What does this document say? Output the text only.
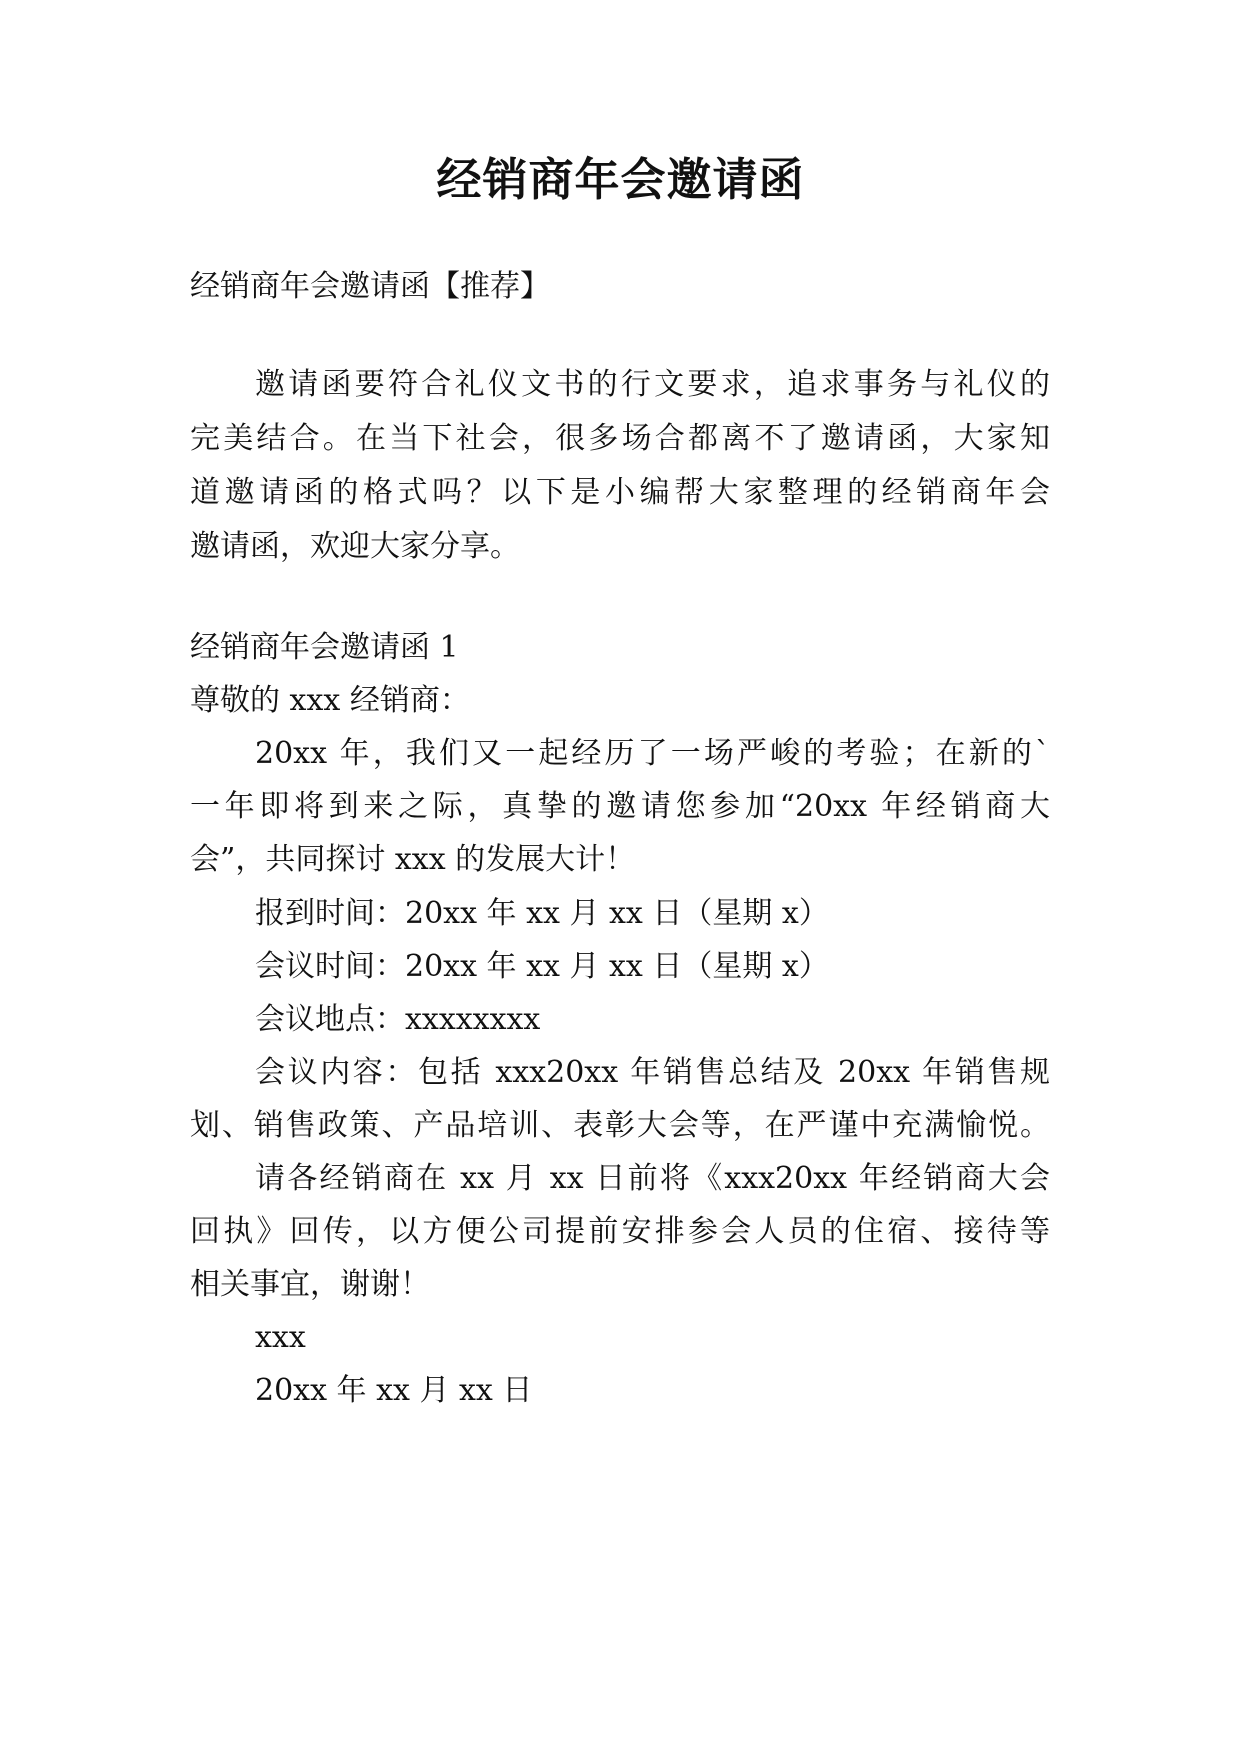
经销商年会邀请函
经销商年会邀请函【推荐】
邀请函要符合礼仪文书的行文要求，追求事务与礼仪的
完美结合。在当下社会，很多场合都离不了邀请函，大家知
道邀请函的格式吗？以下是小编帮大家整理的经销商年会
邀请函，欢迎大家分享。
经销商年会邀请函 1
尊敬的 xxx 经销商：
20xx 年，我们又一起经历了一场严峻的考验；在新的`
一年即将到来之际，真挚的邀请您参加“20xx 年经销商大
会”，共同探讨 xxx 的发展大计！
报到时间：20xx 年 xx 月 xx 日（星期 x）
会议时间：20xx 年 xx 月 xx 日（星期 x）
会议地点：xxxxxxxx
会议内容：包括 xxx20xx 年销售总结及 20xx 年销售规
划、销售政策、产品培训、表彰大会等，在严谨中充满愉悦。
请各经销商在 xx 月 xx 日前将《xxx20xx 年经销商大会
回执》回传，以方便公司提前安排参会人员的住宿、接待等
相关事宜，谢谢！
xxx
20xx 年 xx 月 xx 日
